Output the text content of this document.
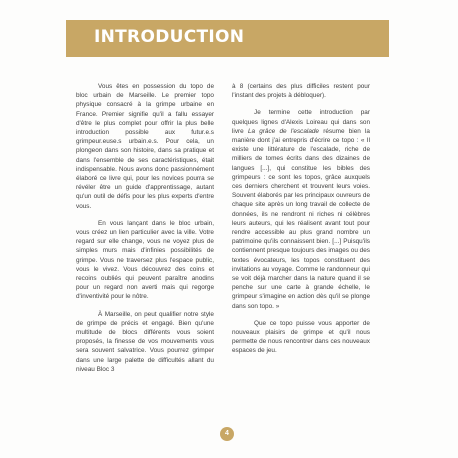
INTRODUCTION

Vous êtes en possession du topo de bloc urbain de Marseille. Le premier topo physique consacré à la grimpe urbaine en France. Premier signifie qu'il a fallu essayer d'être le plus complet pour offrir la plus belle introduction possible aux futur.e.s grimpeur.euse.s urbain.e.s. Pour cela, un plongeon dans son histoire, dans sa pratique et dans l'ensemble de ses caractéristiques, était indispensable. Nous avons donc passionnément élaboré ce livre qui, pour les novices pourra se révéler être un guide d'apprentissage, autant qu'un outil de défis pour les plus experts d'entre vous.

En vous lançant dans le bloc urbain, vous créez un lien particulier avec la ville. Votre regard sur elle change, vous ne voyez plus de simples murs mais d'infinies possibilités de grimpe. Vous ne traversez plus l'espace public, vous le vivez. Vous découvrez des coins et recoins oubliés qui peuvent paraître anodins pour un regard non averti mais qui regorge d'inventivité pour le nôtre.

À Marseille, on peut qualifier notre style de grimpe de précis et engagé. Bien qu'une multitude de blocs différents vous soient proposés, la finesse de vos mouvements vous sera souvent salvatrice. Vous pourrez grimper dans une large palette de difficultés allant du niveau Bloc 3

à 8 (certains des plus difficiles restent pour l'instant des projets à débloquer).

Je termine cette introduction par quelques lignes d'Alexis Loireau qui dans son livre La grâce de l'escalade résume bien la manière dont j'ai entrepris d'écrire ce topo : « Il existe une littérature de l'escalade, riche de milliers de tomes écrits dans des dizaines de langues [...], qui constitue les bibles des grimpeurs : ce sont les topos, grâce auxquels ces derniers cherchent et trouvent leurs voies. Souvent élaborés par les principaux ouvreurs de chaque site après un long travail de collecte de données, ils ne rendront ni riches ni célèbres leurs auteurs, qui les réalisent avant tout pour rendre accessible au plus grand nombre un patrimoine qu'ils connaissent bien. [...] Puisqu'ils contiennent presque toujours des images ou des textes évocateurs, les topos constituent des invitations au voyage. Comme le randonneur qui se voit déjà marcher dans la nature quand il se penche sur une carte à grande échelle, le grimpeur s'imagine en action dès qu'il se plonge dans son topo. »

Que ce topo puisse vous apporter de nouveaux plaisirs de grimpe et qu'il nous permette de nous rencontrer dans ces nouveaux espaces de jeu.

4
